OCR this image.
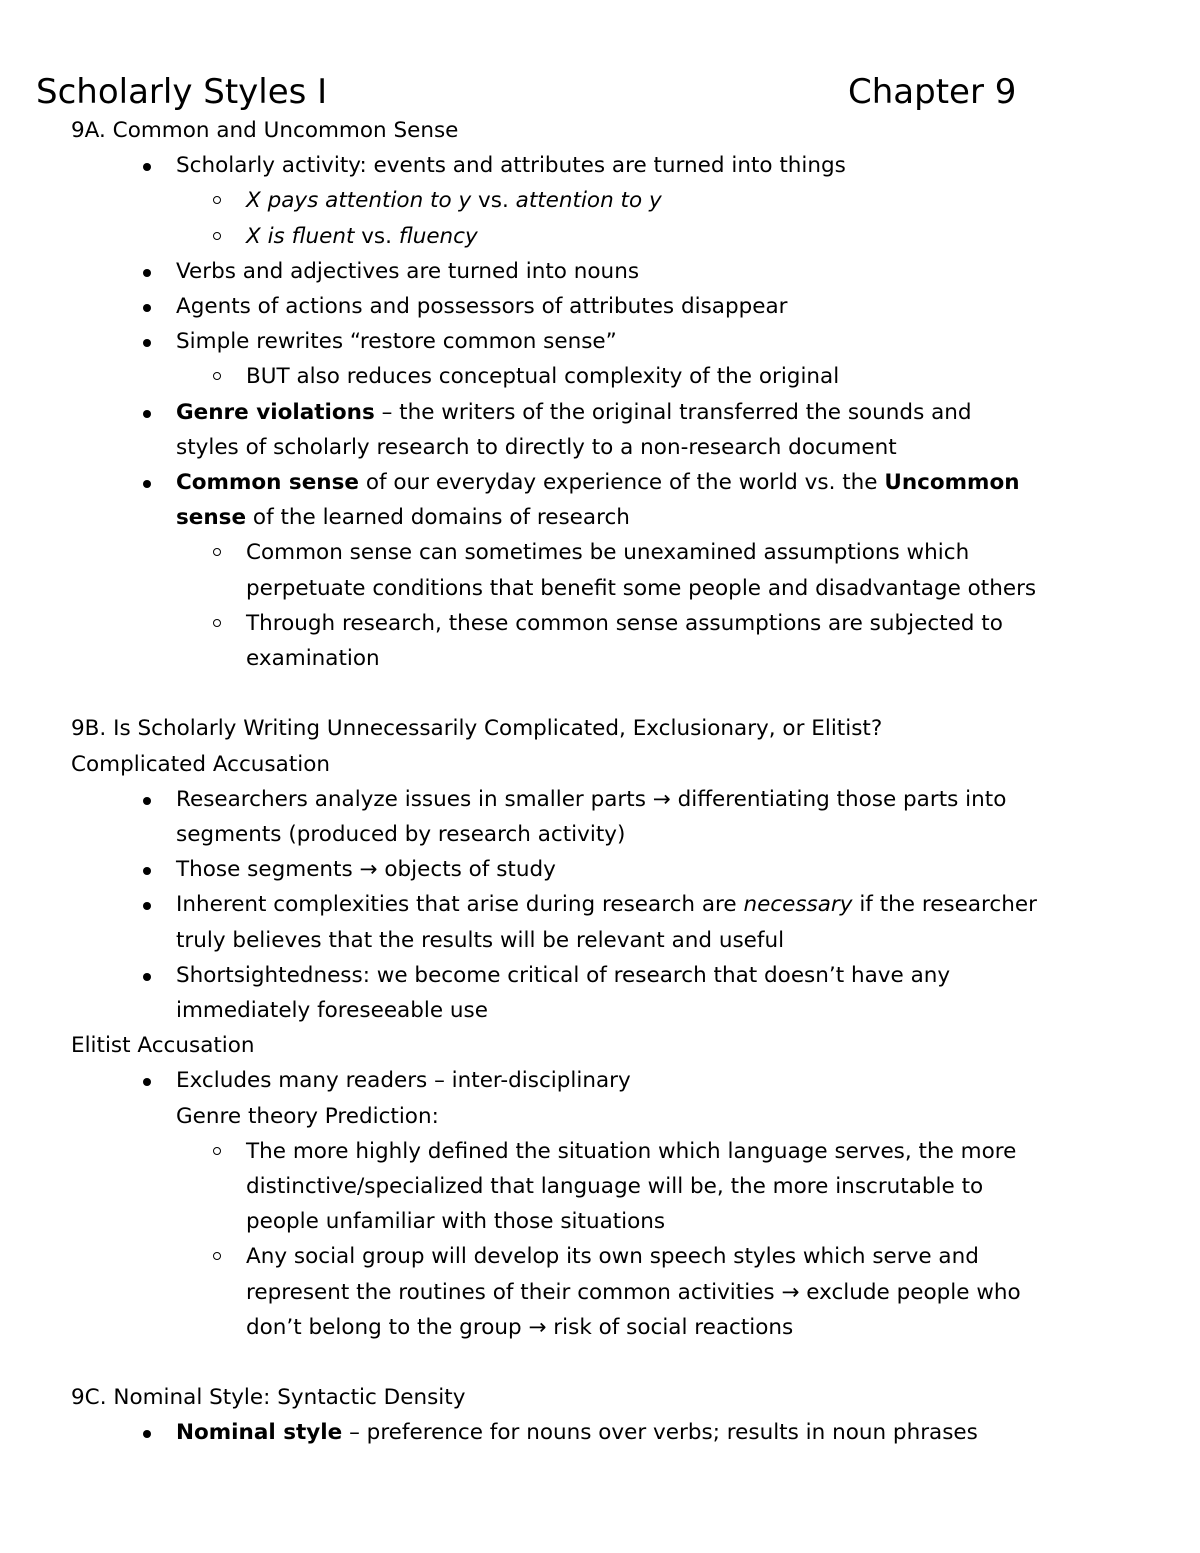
Scholarly Styles I	Chapter 9
9A. Common and Uncommon Sense
Scholarly activity: events and attributes are turned into things
X pays attention to y vs. attention to y
X is fluent vs. fluency
Verbs and adjectives are turned into nouns
Agents of actions and possessors of attributes disappear
Simple rewrites “restore common sense”
BUT also reduces conceptual complexity of the original
Genre violations – the writers of the original transferred the sounds and
styles of scholarly research to directly to a non-research document
Common sense of our everyday experience of the world vs. the Uncommon
sense of the learned domains of research
Common sense can sometimes be unexamined assumptions which
perpetuate conditions that benefit some people and disadvantage others
Through research, these common sense assumptions are subjected to
examination
9B. Is Scholarly Writing Unnecessarily Complicated, Exclusionary, or Elitist?
Complicated Accusation
Researchers analyze issues in smaller parts → differentiating those parts into
segments (produced by research activity)
Those segments → objects of study
Inherent complexities that arise during research are necessary if the researcher
truly believes that the results will be relevant and useful
Shortsightedness: we become critical of research that doesn’t have any
immediately foreseeable use
Elitist Accusation
Excludes many readers – inter-disciplinary
Genre theory Prediction:
The more highly defined the situation which language serves, the more
distinctive/specialized that language will be, the more inscrutable to
people unfamiliar with those situations
Any social group will develop its own speech styles which serve and
represent the routines of their common activities → exclude people who
don’t belong to the group → risk of social reactions
9C. Nominal Style: Syntactic Density
Nominal style – preference for nouns over verbs; results in noun phrases
